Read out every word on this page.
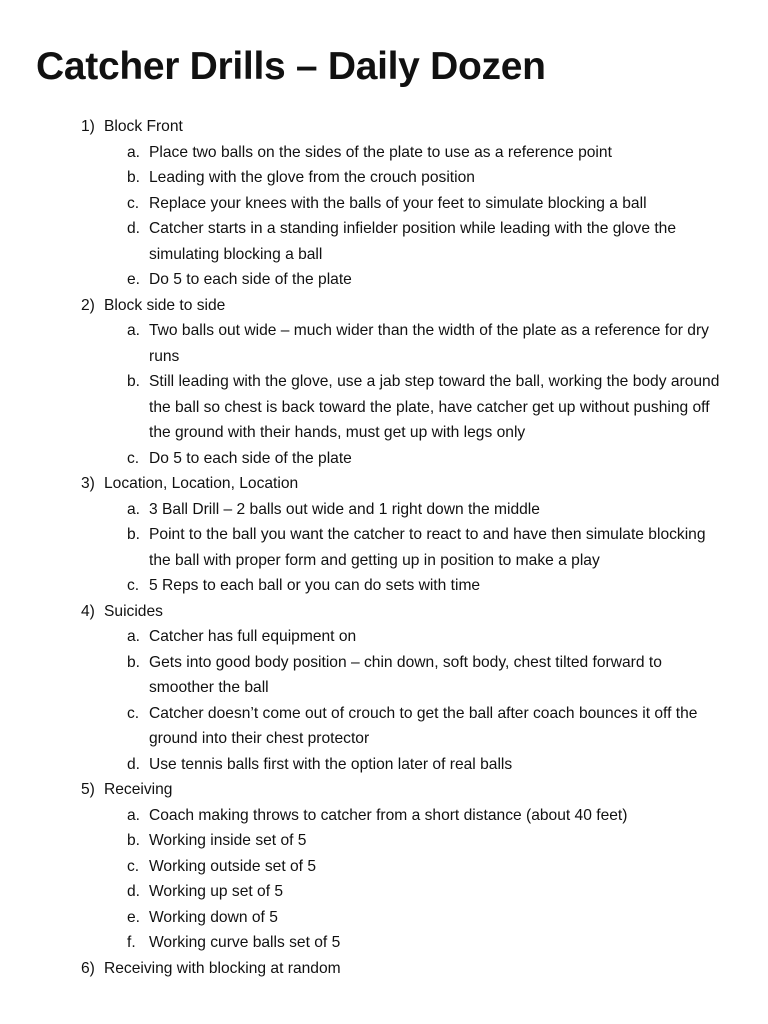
Catcher Drills – Daily Dozen
1) Block Front
a. Place two balls on the sides of the plate to use as a reference point
b. Leading with the glove from the crouch position
c. Replace your knees with the balls of your feet to simulate blocking a ball
d. Catcher starts in a standing infielder position while leading with the glove the simulating blocking a ball
e. Do 5 to each side of the plate
2) Block side to side
a. Two balls out wide – much wider than the width of the plate as a reference for dry runs
b. Still leading with the glove, use a jab step toward the ball, working the body around the ball so chest is back toward the plate, have catcher get up without pushing off the ground with their hands, must get up with legs only
c. Do 5 to each side of the plate
3) Location, Location, Location
a. 3 Ball Drill – 2 balls out wide and 1 right down the middle
b. Point to the ball you want the catcher to react to and have then simulate blocking the ball with proper form and getting up in position to make a play
c. 5 Reps to each ball or you can do sets with time
4) Suicides
a. Catcher has full equipment on
b. Gets into good body position – chin down, soft body, chest tilted forward to smoother the ball
c. Catcher doesn’t come out of crouch to get the ball after coach bounces it off the ground into their chest protector
d. Use tennis balls first with the option later of real balls
5) Receiving
a. Coach making throws to catcher from a short distance (about 40 feet)
b. Working inside set of 5
c. Working outside set of 5
d. Working up set of 5
e. Working down of 5
f. Working curve balls set of 5
6) Receiving with blocking at random
